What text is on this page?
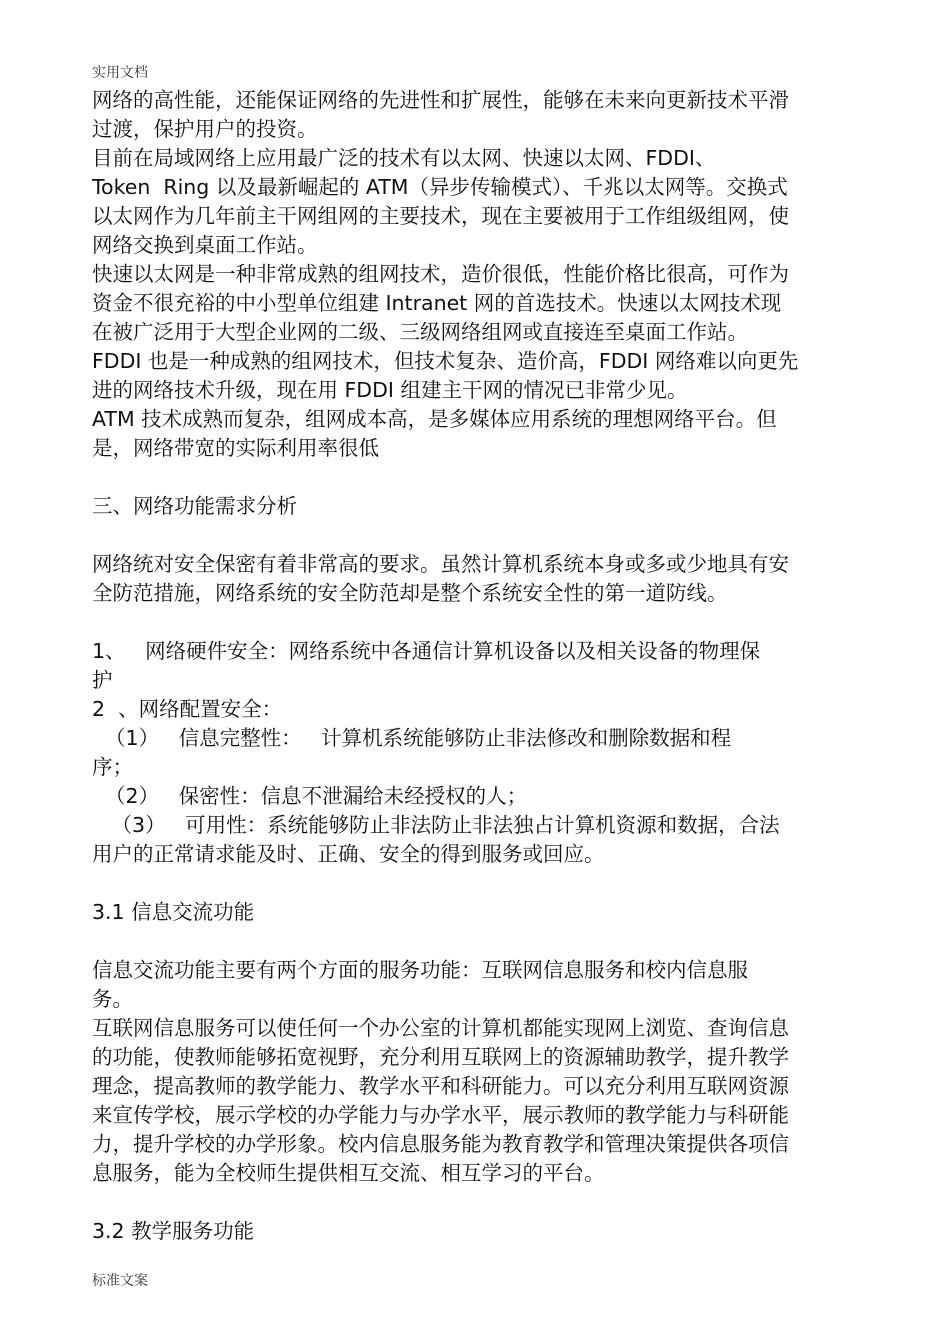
实用文档
网络的高性能，还能保证网络的先进性和扩展性，能够在未来向更新技术平滑
过渡，保护用户的投资。
目前在局域网络上应用最广泛的技术有以太网、快速以太网、FDDI、
Token  Ring 以及最新崛起的 ATM（异步传输模式）、千兆以太网等。交换式
以太网作为几年前主干网组网的主要技术，现在主要被用于工作组级组网，使
网络交换到桌面工作站。
快速以太网是一种非常成熟的组网技术，造价很低，性能价格比很高，可作为
资金不很充裕的中小型单位组建 Intranet 网的首选技术。快速以太网技术现
在被广泛用于大型企业网的二级、三级网络组网或直接连至桌面工作站。
FDDI 也是一种成熟的组网技术，但技术复杂、造价高，FDDI 网络难以向更先
进的网络技术升级，现在用 FDDI 组建主干网的情况已非常少见。
ATM 技术成熟而复杂，组网成本高，是多媒体应用系统的理想网络平台。但
是，网络带宽的实际利用率很低
三、网络功能需求分析
网络统对安全保密有着非常高的要求。虽然计算机系统本身或多或少地具有安
全防范措施，网络系统的安全防范却是整个系统安全性的第一道防线。
1、   网络硬件安全：网络系统中各通信计算机设备以及相关设备的物理保
护
2  、网络配置安全：
（1）   信息完整性：   计算机系统能够防止非法修改和删除数据和程
序；
（2）   保密性：信息不泄漏给未经授权的人；
（3）   可用性：系统能够防止非法防止非法独占计算机资源和数据，合法
用户的正常请求能及时、正确、安全的得到服务或回应。
3.1 信息交流功能
信息交流功能主要有两个方面的服务功能：互联网信息服务和校内信息服
务。
互联网信息服务可以使任何一个办公室的计算机都能实现网上浏览、查询信息
的功能，使教师能够拓宽视野，充分利用互联网上的资源辅助教学，提升教学
理念，提高教师的教学能力、教学水平和科研能力。可以充分利用互联网资源
来宣传学校，展示学校的办学能力与办学水平，展示教师的教学能力与科研能
力，提升学校的办学形象。校内信息服务能为教育教学和管理决策提供各项信
息服务，能为全校师生提供相互交流、相互学习的平台。
3.2 教学服务功能
标准文案
